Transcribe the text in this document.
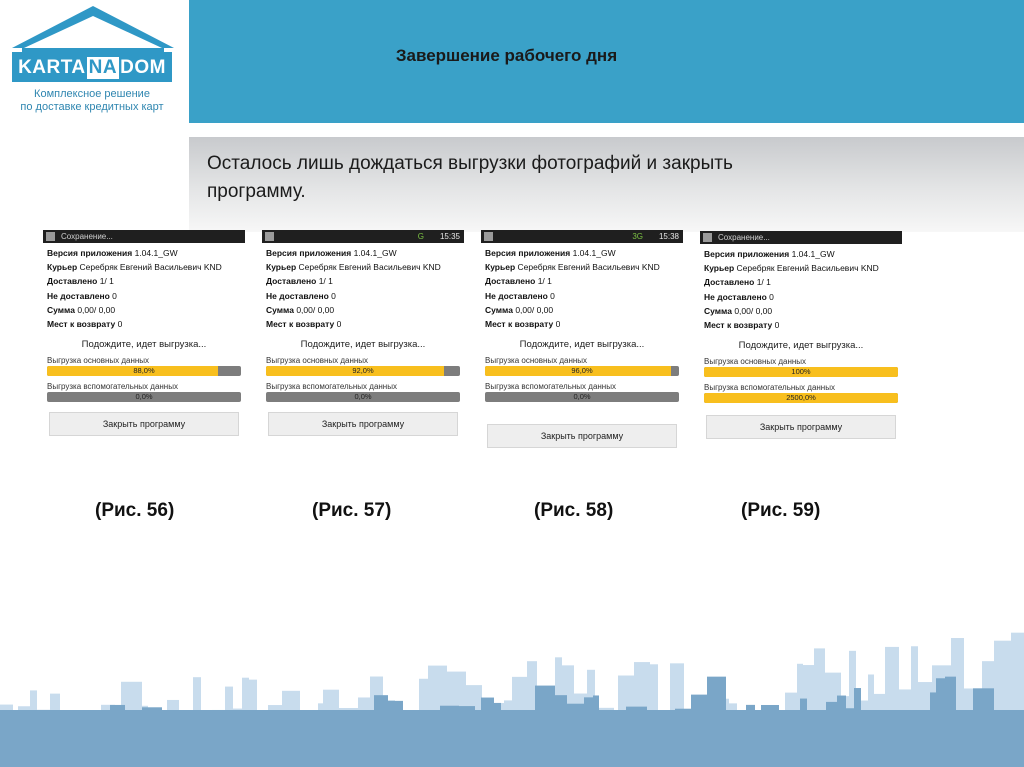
KARTA NA DOM
Комплексное решение
по доставке кредитных карт
Завершение рабочего дня
Осталось лишь дождаться выгрузки фотографий и закрыть
программу.
Сохранение...
Версия приложения 1.04.1_GW
Курьер Серебряк Евгений Васильевич KND
Доставлено 1/ 1
Не доставлено 0
Сумма 0,00/ 0,00
Мест к возврату 0
Подождите, идет выгрузка...
Выгрузка основных данных
88,0%
Выгрузка вспомогательных данных
0,0%
Закрыть программу
(Рис. 56)
G 15:35
Версия приложения 1.04.1_GW
Курьер Серебряк Евгений Васильевич KND
Доставлено 1/ 1
Не доставлено 0
Сумма 0,00/ 0,00
Мест к возврату 0
Подождите, идет выгрузка...
Выгрузка основных данных
92,0%
Выгрузка вспомогательных данных
0,0%
Закрыть программу
(Рис. 57)
3G 15:38
Версия приложения 1.04.1_GW
Курьер Серебряк Евгений Васильевич KND
Доставлено 1/ 1
Не доставлено 0
Сумма 0,00/ 0,00
Мест к возврату 0
Подождите, идет выгрузка...
Выгрузка основных данных
96,0%
Выгрузка вспомогательных данных
0,0%
Закрыть программу
(Рис. 58)
Сохранение...
Версия приложения 1.04.1_GW
Курьер Серебряк Евгений Васильевич KND
Доставлено 1/ 1
Не доставлено 0
Сумма 0,00/ 0,00
Мест к возврату 0
Подождите, идет выгрузка...
Выгрузка основных данных
100%
Выгрузка вспомогательных данных
2500,0%
Закрыть программу
(Рис. 59)
